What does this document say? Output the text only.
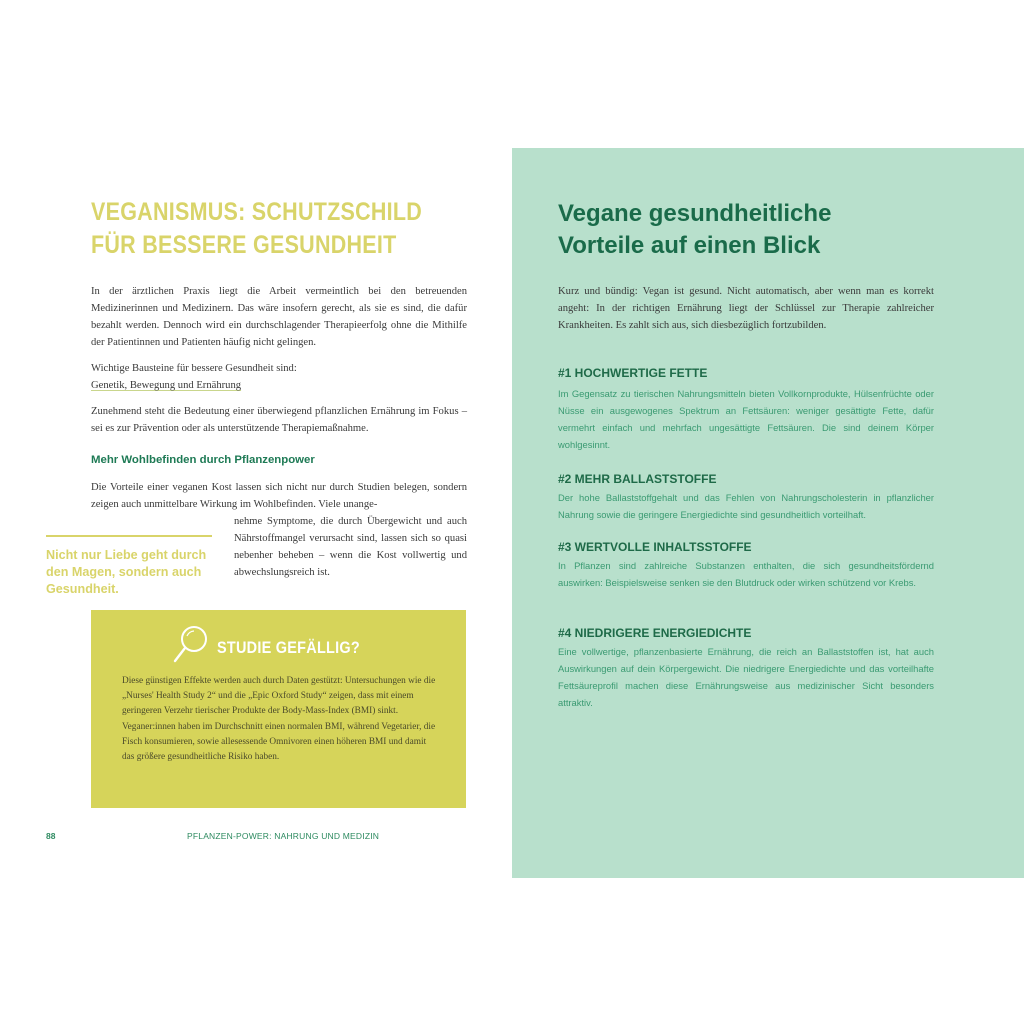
VEGANISMUS: SCHUTZSCHILD
FÜR BESSERE GESUNDHEIT

In der ärztlichen Praxis liegt die Arbeit vermeintlich bei den betreuenden Medizinerinnen und Medizinern. Das wäre insofern gerecht, als sie es sind, die dafür bezahlt werden. Dennoch wird ein durchschlagender Therapieerfolg ohne die Mithilfe der Patientinnen und Patienten häufig nicht gelingen.

Wichtige Bausteine für bessere Gesundheit sind:
Genetik, Bewegung und Ernährung

Zunehmend steht die Bedeutung einer überwiegend pflanzlichen Ernährung im Fokus – sei es zur Prävention oder als unterstützende Therapiemaßnahme.

Mehr Wohlbefinden durch Pflanzenpower

Die Vorteile einer veganen Kost lassen sich nicht nur durch Studien belegen, sondern zeigen auch unmittelbare Wirkung im Wohlbefinden. Viele unange-

Nicht nur Liebe geht durch den Magen, sondern auch Gesundheit.
nehme Symptome, die durch Übergewicht und auch Nährstoffmangel verursacht sind, lassen sich so quasi nebenher beheben – wenn die Kost vollwertig und abwechslungsreich ist.
STUDIE GEFÄLLIG?
Diese günstigen Effekte werden auch durch Daten gestützt: Untersuchungen wie die „Nurses' Health Study 2“ und die „Epic Oxford Study“ zeigen, dass mit einem geringeren Verzehr tierischer Produkte der Body-Mass-Index (BMI) sinkt. Veganer:innen haben im Durchschnitt einen normalen BMI, während Vegetarier, die Fisch konsumieren, sowie allesessende Omnivoren einen höheren BMI und damit das größere gesundheitliche Risiko haben.
88	PFLANZEN-POWER: NAHRUNG UND MEDIZIN
Vegane gesundheitliche
Vorteile auf einen Blick

Kurz und bündig: Vegan ist gesund. Nicht automatisch, aber wenn man es korrekt angeht: In der richtigen Ernährung liegt der Schlüssel zur Therapie zahlreicher Krankheiten. Es zahlt sich aus, sich diesbezüglich fortzubilden.

#1 HOCHWERTIGE FETTE

Im Gegensatz zu tierischen Nahrungsmitteln bieten Vollkornprodukte, Hülsenfrüchte oder Nüsse ein ausgewogenes Spektrum an Fettsäuren: weniger gesättigte Fette, dafür vermehrt einfach und mehrfach ungesättigte Fettsäuren. Die sind deinem Körper wohlgesinnt.

#2 MEHR BALLASTSTOFFE

Der hohe Ballaststoffgehalt und das Fehlen von Nahrungscholesterin in pflanzlicher Nahrung sowie die geringere Energiedichte sind gesundheitlich vorteilhaft.

#3 WERTVOLLE INHALTSSTOFFE

In Pflanzen sind zahlreiche Substanzen enthalten, die sich gesundheitsfördernd auswirken: Beispielsweise senken sie den Blutdruck oder wirken schützend vor Krebs.

#4 NIEDRIGERE ENERGIEDICHTE

Eine vollwertige, pflanzenbasierte Ernährung, die reich an Ballaststoffen ist, hat auch Auswirkungen auf dein Körpergewicht. Die niedrigere Energiedichte und das vorteilhafte Fettsäureprofil machen diese Ernährungsweise aus medizinischer Sicht besonders attraktiv.
